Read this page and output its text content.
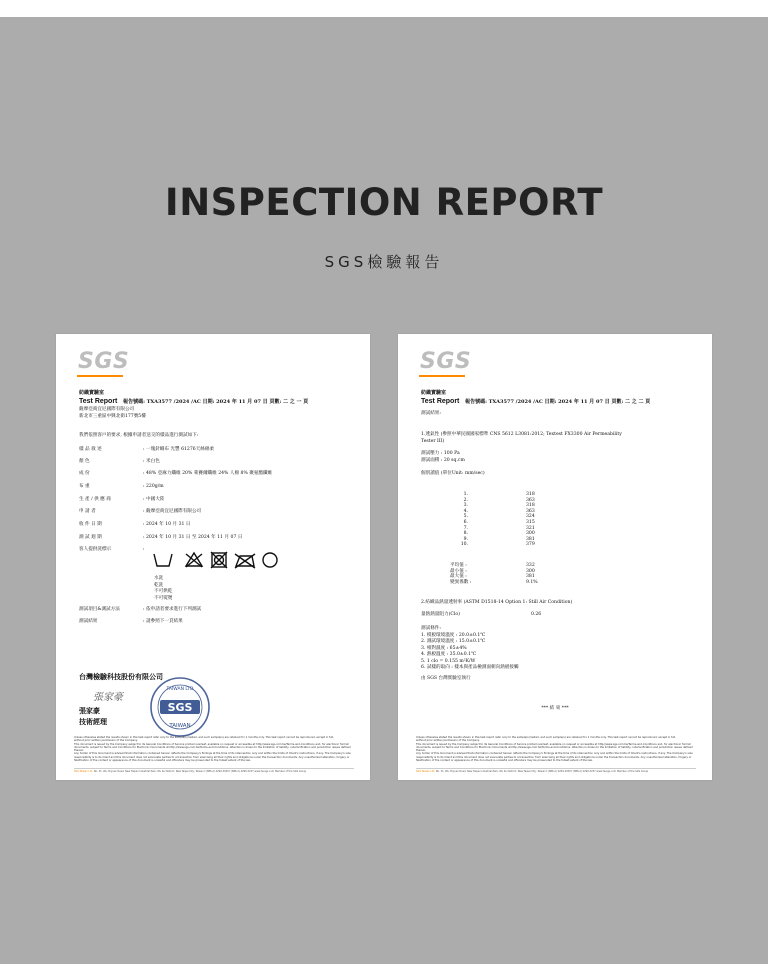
INSPECTION REPORT
SGS檢驗報告
SGS
紡織實驗室
Test Report 報告號碼: TXA3577 /2024 /AC 日期: 2024 年 11 月 07 日 頁數: 二 之 一 頁
薩摩亞商宜尼國際有限公司
新北市三重區中興北街177號5樓
我們依照客戶的要求, 根據申請者送交的樣品進行測試如下:
樣 品 敘 述	: 一塊針織布 光豐 61276天絲棉柔
顏 色	: 米白色
成 份	: 48% 亞麻力纖維 20% 萊賽爾纖維 24% 人棉 8% 聚氨酯纖維
布 重	: 220g/m
生 產 / 供 應 商	: 中國大陸
申 請 者	: 薩摩亞商宜尼國際有限公司
收 件 日 期	: 2024 年 10 月 31 日
測 試 週 期	: 2024 年 10 月 31 日 至 2024 年 11 月 07 日
客人提供洗標示	:
水洗
乾洗
不可烘乾
不可熨燙
測試項目&測試方法	: 依申請者要求進行下列測試
測試結果	: 請參照下一頁結果
台灣檢驗科技股份有限公司
張家豪
張家豪
技術經理
SGS
TAIWAN
TAIWAN LTD
Unless otherwise stated the results shown in this test report refer only to the sample(s) tested, and such sample(s) are retained for 1 months only. This test report cannot be reproduced, except in full,
without prior written permission of the Company.
This document is issued by the Company subject to its General Conditions of Service printed overleaf, available on request or accessible at http://www.sgs.com.tw/Terms-and-Conditions and, for electronic format
documents, subject to Terms and Conditions for Electronic Documents at http://www.sgs.com.tw/Terms-and-Conditions. Attention is drawn to the limitation of liability, indemnification and jurisdiction issues defined therein.
Any holder of this document is advised that information contained hereon reflects the Company's findings at the time of its intervention only and within the limits of Client's instructions, if any. The Company's sole
responsibility is to its Client and this document does not exonerate parties to a transaction from exercising all their rights and obligations under the transaction documents. Any unauthorized alteration, forgery or
falsification of the content or appearance of this document is unlawful and offenders may be prosecuted to the fullest extent of the law.
SGS Taiwan Ltd. No. 31, Wu Chyuan Road, New Taipei Industrial Park, Wu Ku District, New Taipei City, Taiwan t (886-2) 2299-3939 f (886-2) 2299-3237 www.tw.sgs.com Member of the SGS Group
SGS
紡織實驗室
Test Report 報告號碼: TXA3577 /2024 /AC 日期: 2024 年 11 月 07 日 頁數: 二 之 二 頁
測試結果:
1.透氣性 (參照中華民國國家標準 CNS 5612 L3081:2012; Textest FX3300 Air Permeability
Tester III)
測試壓力 : 100 Pa
測試面積 : 20 sq.cm
個別讀值 (單位Unit: mm/sec)
1.	318
2.	363
3.	318
4.	363
5.	324
6.	315
7.	321
8.	300
9.	381
10.	379
平均值 :	332
最小值 :	300
最大值 :	381
變異係數 :	9.1%
2.紡織品熱量透射率 (ASTM D1518-14 Option 1: Still Air Condition)
量熱熱量阻力(Clo)	0.26
測試條件:
1. 模板環境溫度 : 20.0±0.1℃
2. 測試環境溫度 : 15.0±0.1℃
3. 相對濕度 : 65±4%
4. 熱板溫度 : 35.0±0.1℃
5. 1 clo = 0.155 m²K/W
6. 試樣的取向 : 樣本與產品檢測面朝向熱板接觸
由 SGS 台灣實驗室執行
*** 結 束 ***
Unless otherwise stated the results shown in this test report refer only to the sample(s) tested, and such sample(s) are retained for 1 months only. This test report cannot be reproduced, except in full,
without prior written permission of the Company.
This document is issued by the Company subject to its General Conditions of Service printed overleaf, available on request or accessible at http://www.sgs.com.tw/Terms-and-Conditions and, for electronic format
documents, subject to Terms and Conditions for Electronic Documents at http://www.sgs.com.tw/Terms-and-Conditions. Attention is drawn to the limitation of liability, indemnification and jurisdiction issues defined therein.
Any holder of this document is advised that information contained hereon reflects the Company's findings at the time of its intervention only and within the limits of Client's instructions, if any. The Company's sole
responsibility is to its Client and this document does not exonerate parties to a transaction from exercising all their rights and obligations under the transaction documents. Any unauthorized alteration, forgery or
falsification of the content or appearance of this document is unlawful and offenders may be prosecuted to the fullest extent of the law.
SGS Taiwan Ltd. No. 31, Wu Chyuan Road, New Taipei Industrial Park, Wu Ku District, New Taipei City, Taiwan t (886-2) 2299-3939 f (886-2) 2299-3237 www.tw.sgs.com Member of the SGS Group
